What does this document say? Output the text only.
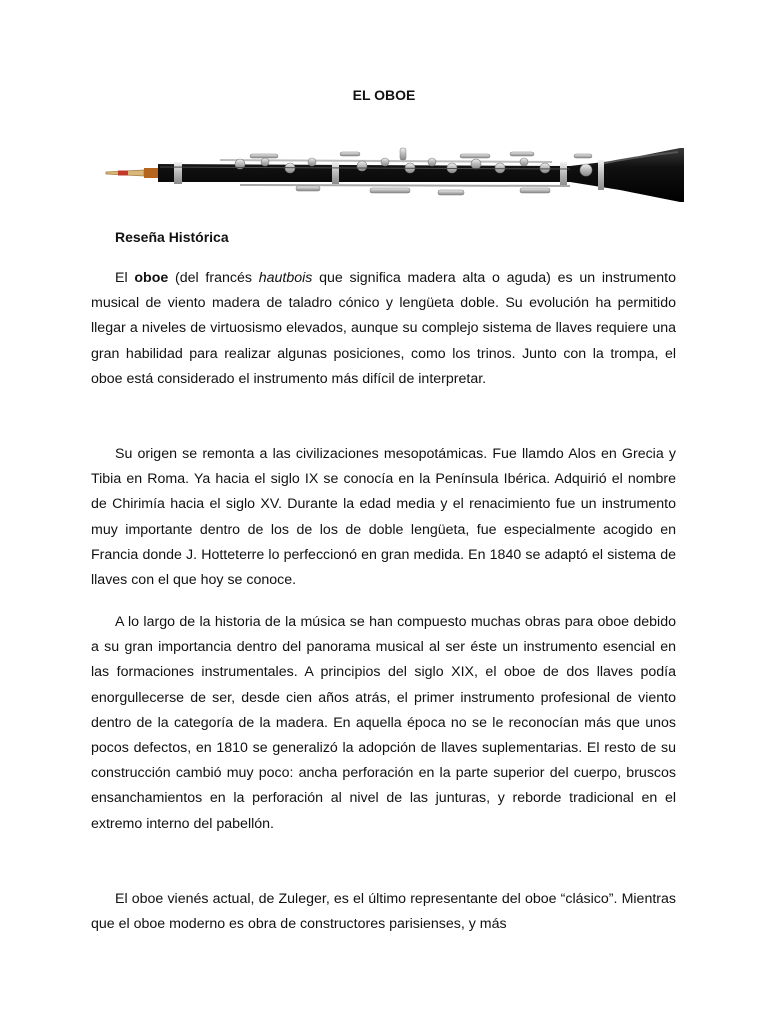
EL OBOE
Reseña Histórica

El oboe (del francés hautbois que significa madera alta o aguda) es un instrumento musical de viento madera de taladro cónico y lengüeta doble. Su evolución ha permitido llegar a niveles de virtuosismo elevados, aunque su complejo sistema de llaves requiere una gran habilidad para realizar algunas posiciones, como los trinos. Junto con la trompa, el oboe está considerado el instrumento más difícil de interpretar.

Su origen se remonta a las civilizaciones mesopotámicas. Fue llamdo Alos en Grecia y Tibia en Roma. Ya hacia el siglo IX se conocía en la Península Ibérica. Adquirió el nombre de Chirimía hacia el siglo XV. Durante la edad media y el renacimiento fue un instrumento muy importante dentro de los de los de doble lengüeta, fue especialmente acogido en Francia donde J. Hotteterre lo perfeccionó en gran medida. En 1840 se adaptó el sistema de llaves con el que hoy se conoce.

A lo largo de la historia de la música se han compuesto muchas obras para oboe debido a su gran importancia dentro del panorama musical al ser éste un instrumento esencial en las formaciones instrumentales. A principios del siglo XIX, el oboe de dos llaves podía enorgullecerse de ser, desde cien años atrás, el primer instrumento profesional de viento dentro de la categoría de la madera. En aquella época no se le reconocían más que unos pocos defectos, en 1810 se generalizó la adopción de llaves suplementarias. El resto de su construcción cambió muy poco: ancha perforación en la parte superior del cuerpo, bruscos ensanchamientos en la perforación al nivel de las junturas, y reborde tradicional en el extremo interno del pabellón.

El oboe vienés actual, de Zuleger, es el último representante del oboe “clásico”. Mientras que el oboe moderno es obra de constructores parisienses, y más
